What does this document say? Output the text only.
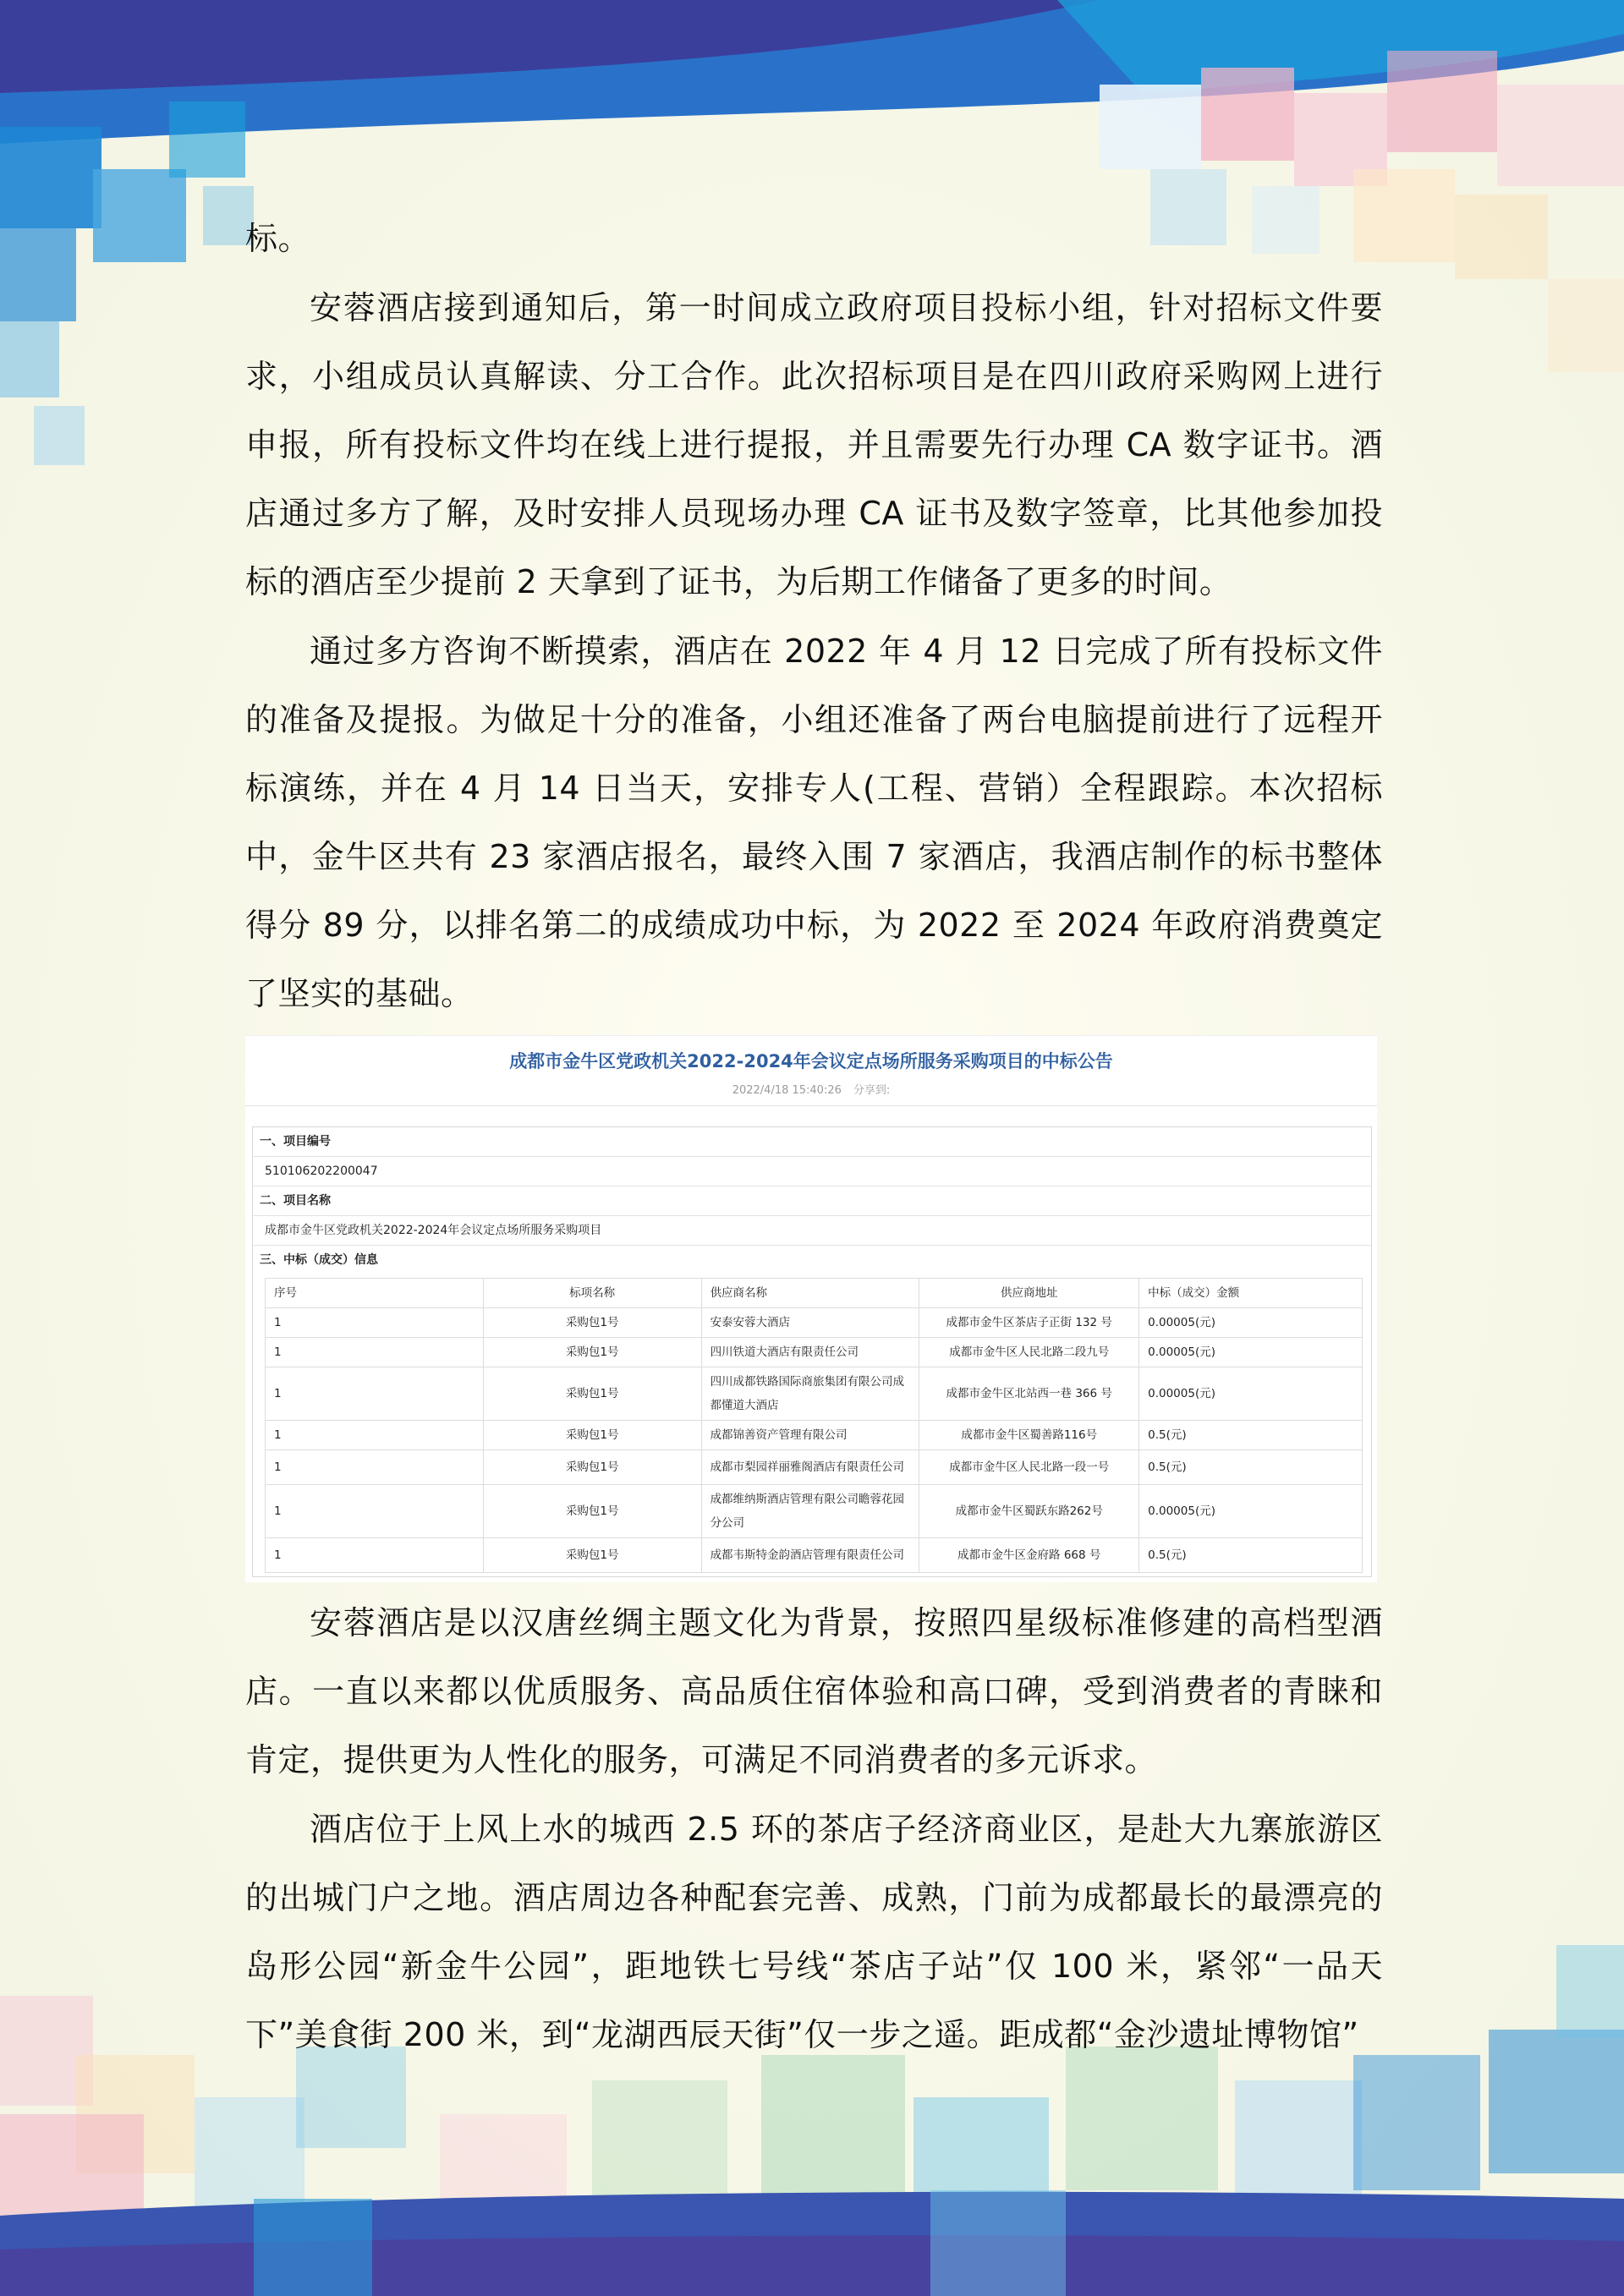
标。

安蓉酒店接到通知后，第一时间成立政府项目投标小组，针对招标文件要求，小组成员认真解读、分工合作。此次招标项目是在四川政府采购网上进行申报，所有投标文件均在线上进行提报，并且需要先行办理 CA 数字证书。酒店通过多方了解，及时安排人员现场办理 CA 证书及数字签章，比其他参加投标的酒店至少提前 2 天拿到了证书，为后期工作储备了更多的时间。

通过多方咨询不断摸索，酒店在 2022 年 4 月 12 日完成了所有投标文件的准备及提报。为做足十分的准备，小组还准备了两台电脑提前进行了远程开标演练，并在 4 月 14 日当天，安排专人(工程、营销）全程跟踪。本次招标中，金牛区共有 23 家酒店报名，最终入围 7 家酒店，我酒店制作的标书整体得分 89 分，以排名第二的成绩成功中标，为 2022 至 2024 年政府消费奠定了坚实的基础。

成都市金牛区党政机关2022-2024年会议定点场所服务采购项目的中标公告
2022/4/18 15:40:26 分享到:
一、项目编号
510106202200047
二、项目名称
成都市金牛区党政机关2022-2024年会议定点场所服务采购项目
三、中标（成交）信息
序号	标项名称	供应商名称	供应商地址	中标（成交）金额
1	采购包1号	安泰安蓉大酒店	成都市金牛区茶店子正街 132 号	0.00005(元)
1	采购包1号	四川铁道大酒店有限责任公司	成都市金牛区人民北路二段九号	0.00005(元)
1	采购包1号	四川成都铁路国际商旅集团有限公司成都懂道大酒店	成都市金牛区北站西一巷 366 号	0.00005(元)
1	采购包1号	成都锦善资产管理有限公司	成都市金牛区蜀善路116号	0.5(元)
1	采购包1号	成都市梨园祥丽雅阁酒店有限责任公司	成都市金牛区人民北路一段一号	0.5(元)
1	采购包1号	成都维纳斯酒店管理有限公司瞻蓉花园分公司	成都市金牛区蜀跃东路262号	0.00005(元)
1	采购包1号	成都韦斯特金韵酒店管理有限责任公司	成都市金牛区金府路 668 号	0.5(元)

安蓉酒店是以汉唐丝绸主题文化为背景，按照四星级标准修建的高档型酒店。一直以来都以优质服务、高品质住宿体验和高口碑，受到消费者的青睐和肯定，提供更为人性化的服务，可满足不同消费者的多元诉求。

酒店位于上风上水的城西 2.5 环的茶店子经济商业区，是赴大九寨旅游区的出城门户之地。酒店周边各种配套完善、成熟，门前为成都最长的最漂亮的岛形公园“新金牛公园”，距地铁七号线“茶店子站”仅 100 米，紧邻“一品天下”美食街 200 米，到“龙湖西辰天街”仅一步之遥。距成都“金沙遗址博物馆”
